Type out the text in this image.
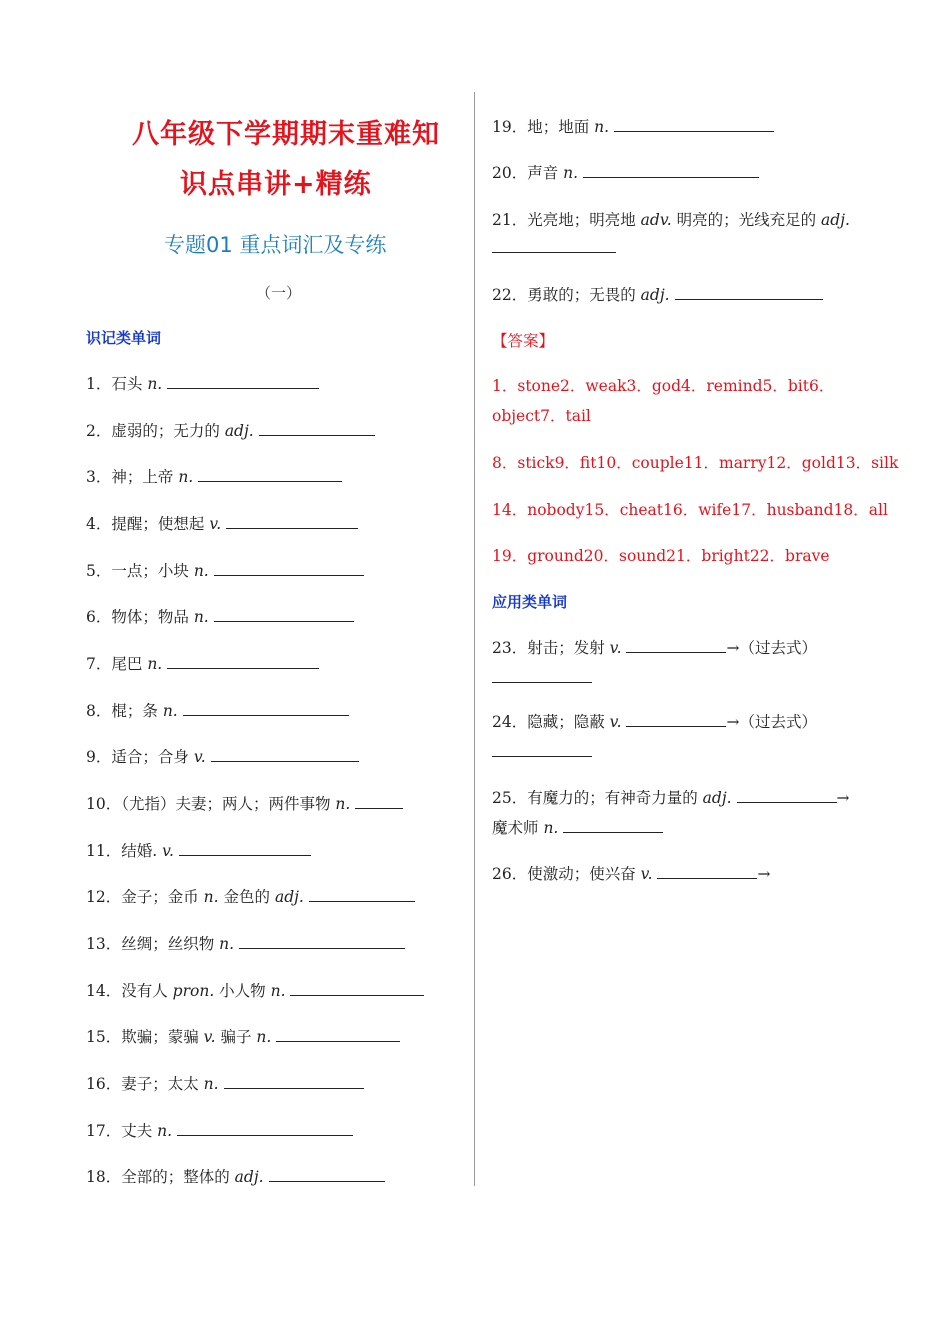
八年级下学期期末重难知
识点串讲+精练
专题01 重点词汇及专练
（一）
识记类单词
1．石头 n.
2．虚弱的；无力的 adj.
3．神；上帝 n.
4．提醒；使想起 v.
5．一点；小块 n.
6．物体；物品 n.
7．尾巴 n.
8．棍；条 n.
9．适合；合身 v.
10．（尤指）夫妻；两人；两件事物 n.
11．结婚. v.
12．金子；金币 n. 金色的 adj.
13．丝绸；丝织物 n.
14．没有人 pron. 小人物 n.
15．欺骗；蒙骗 v. 骗子 n.
16．妻子；太太 n.
17．丈夫 n.
18．全部的；整体的 adj.
19．地；地面 n.
20．声音 n.
21．光亮地；明亮地 adv. 明亮的；光线充足的 adj.
22．勇敢的；无畏的 adj.
【答案】
1．stone2．weak3．god4．remind5．bit6．
object7．tail
8．stick9．fit10．couple11．marry12．gold13．silk
14．nobody15．cheat16．wife17．husband18．all
19．ground20．sound21．bright22．brave
应用类单词
23．射击；发射 v.	→（过去式）
24．隐藏；隐蔽 v.	→（过去式）
25．有魔力的；有神奇力量的 adj.	→
魔术师 n.
26．使激动；使兴奋 v.	→
